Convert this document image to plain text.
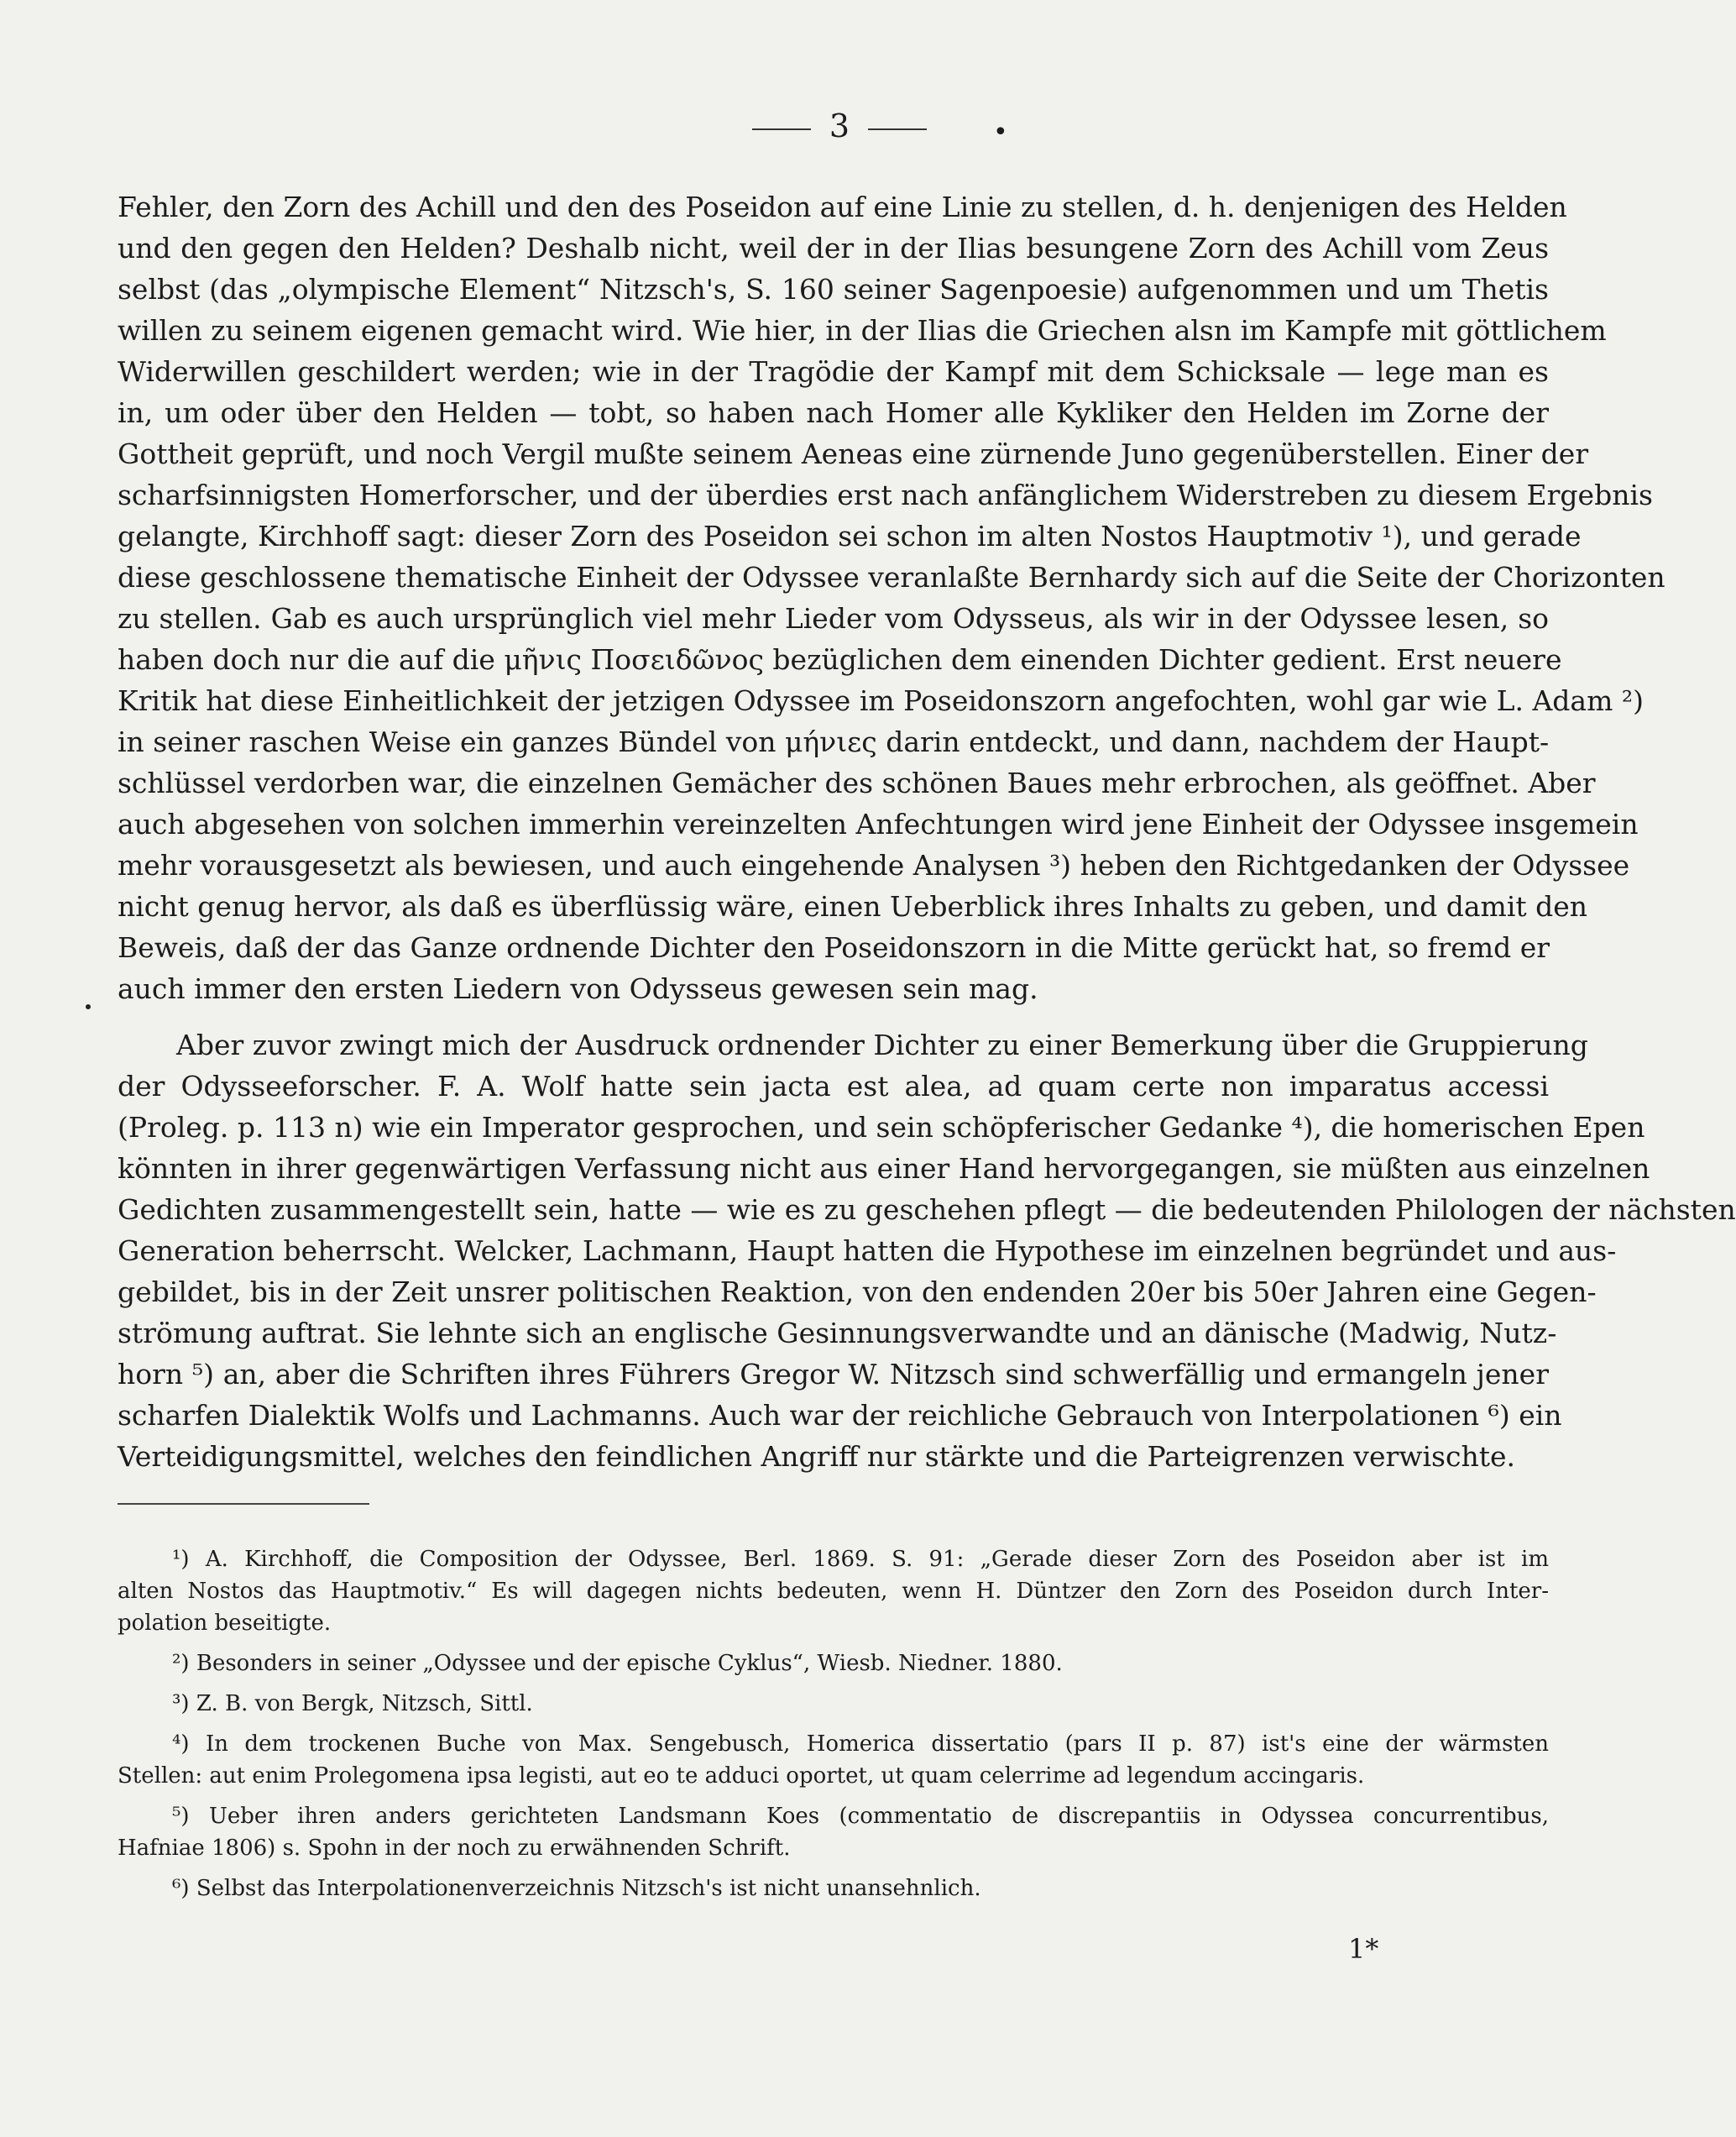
3	•
Fehler, den Zorn des Achill und den des Poseidon auf eine Linie zu stellen, d. h. denjenigen des Helden
und den gegen den Helden? Deshalb nicht, weil der in der Ilias besungene Zorn des Achill vom Zeus
selbst (das „olympische Element“ Nitzsch's, S. 160 seiner Sagenpoesie) aufgenommen und um Thetis
willen zu seinem eigenen gemacht wird. Wie hier, in der Ilias die Griechen alsn im Kampfe mit göttlichem
Widerwillen geschildert werden; wie in der Tragödie der Kampf mit dem Schicksale — lege man es
in, um oder über den Helden — tobt, so haben nach Homer alle Kykliker den Helden im Zorne der
Gottheit geprüft, und noch Vergil mußte seinem Aeneas eine zürnende Juno gegenüberstellen. Einer der
scharfsinnigsten Homerforscher, und der überdies erst nach anfänglichem Widerstreben zu diesem Ergebnis
gelangte, Kirchhoff sagt: dieser Zorn des Poseidon sei schon im alten Nostos Hauptmotiv ¹), und gerade
diese geschlossene thematische Einheit der Odyssee veranlaßte Bernhardy sich auf die Seite der Chorizonten
zu stellen. Gab es auch ursprünglich viel mehr Lieder vom Odysseus, als wir in der Odyssee lesen, so
haben doch nur die auf die μῆνις Ποσειδῶνος bezüglichen dem einenden Dichter gedient. Erst neuere
Kritik hat diese Einheitlichkeit der jetzigen Odyssee im Poseidonszorn angefochten, wohl gar wie L. Adam ²)
in seiner raschen Weise ein ganzes Bündel von μήνιες darin entdeckt, und dann, nachdem der Haupt-
schlüssel verdorben war, die einzelnen Gemächer des schönen Baues mehr erbrochen, als geöffnet. Aber
auch abgesehen von solchen immerhin vereinzelten Anfechtungen wird jene Einheit der Odyssee insgemein
mehr vorausgesetzt als bewiesen, und auch eingehende Analysen ³) heben den Richtgedanken der Odyssee
nicht genug hervor, als daß es überflüssig wäre, einen Ueberblick ihres Inhalts zu geben, und damit den
Beweis, daß der das Ganze ordnende Dichter den Poseidonszorn in die Mitte gerückt hat, so fremd er
auch immer den ersten Liedern von Odysseus gewesen sein mag.
Aber zuvor zwingt mich der Ausdruck ordnender Dichter zu einer Bemerkung über die Gruppierung
der Odysseeforscher. F. A. Wolf hatte sein jacta est alea, ad quam certe non imparatus accessi
(Proleg. p. 113 n) wie ein Imperator gesprochen, und sein schöpferischer Gedanke ⁴), die homerischen Epen
könnten in ihrer gegenwärtigen Verfassung nicht aus einer Hand hervorgegangen, sie müßten aus einzelnen
Gedichten zusammengestellt sein, hatte — wie es zu geschehen pflegt — die bedeutenden Philologen der nächsten
Generation beherrscht. Welcker, Lachmann, Haupt hatten die Hypothese im einzelnen begründet und aus-
gebildet, bis in der Zeit unsrer politischen Reaktion, von den endenden 20er bis 50er Jahren eine Gegen-
strömung auftrat. Sie lehnte sich an englische Gesinnungsverwandte und an dänische (Madwig, Nutz-
horn ⁵) an, aber die Schriften ihres Führers Gregor W. Nitzsch sind schwerfällig und ermangeln jener
scharfen Dialektik Wolfs und Lachmanns. Auch war der reichliche Gebrauch von Interpolationen ⁶) ein
Verteidigungsmittel, welches den feindlichen Angriff nur stärkte und die Parteigrenzen verwischte.
¹) A. Kirchhoff, die Composition der Odyssee, Berl. 1869. S. 91: „Gerade dieser Zorn des Poseidon aber ist im
alten Nostos das Hauptmotiv.“ Es will dagegen nichts bedeuten, wenn H. Düntzer den Zorn des Poseidon durch Inter-
polation beseitigte.
²) Besonders in seiner „Odyssee und der epische Cyklus“, Wiesb. Niedner. 1880.
³) Z. B. von Bergk, Nitzsch, Sittl.
⁴) In dem trockenen Buche von Max. Sengebusch, Homerica dissertatio (pars II p. 87) ist's eine der wärmsten
Stellen: aut enim Prolegomena ipsa legisti, aut eo te adduci oportet, ut quam celerrime ad legendum accingaris.
⁵) Ueber ihren anders gerichteten Landsmann Koes (commentatio de discrepantiis in Odyssea concurrentibus,
Hafniae 1806) s. Spohn in der noch zu erwähnenden Schrift.
⁶) Selbst das Interpolationenverzeichnis Nitzsch's ist nicht unansehnlich.
1*
